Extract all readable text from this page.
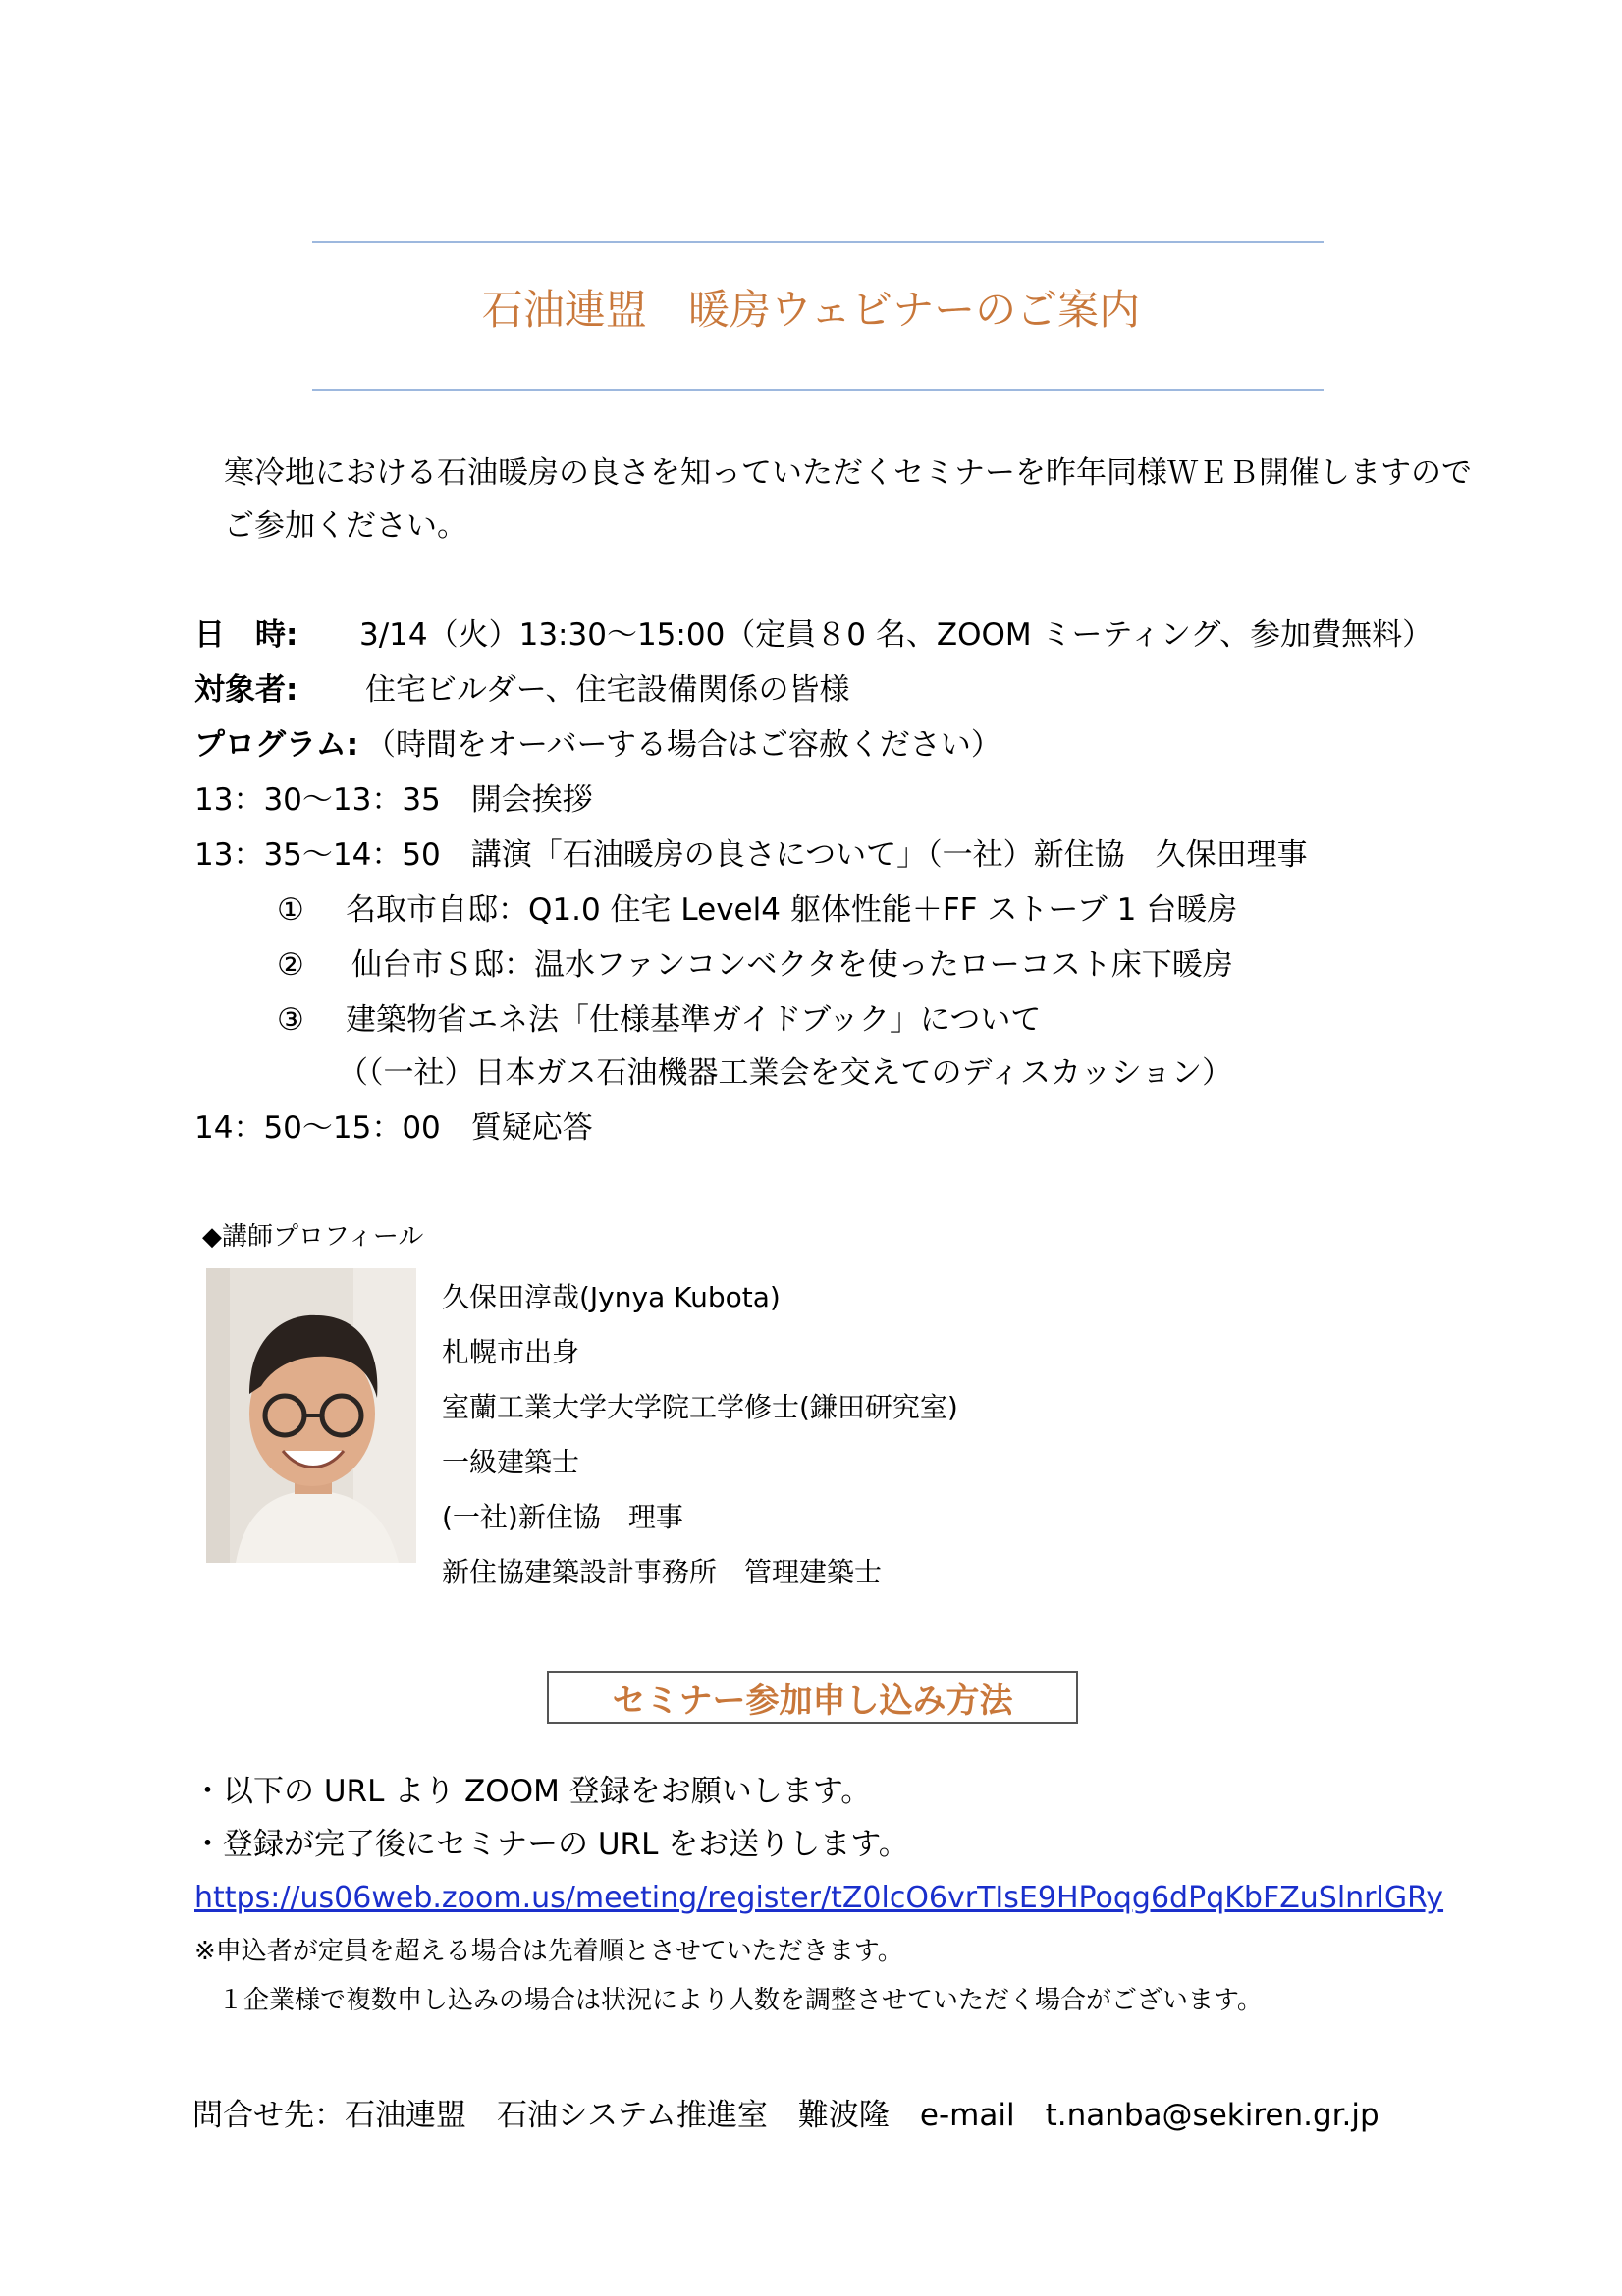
石油連盟　暖房ウェビナーのご案内
寒冷地における石油暖房の良さを知っていただくセミナーを昨年同様ＷＥＢ開催しますので
ご参加ください。
日　時: 3/14（火）13:30～15:00（定員８0 名、ZOOM ミーティング、参加費無料）
対象者: 住宅ビルダー、住宅設備関係の皆様
プログラム: （時間をオーバーする場合はご容赦ください）
13：30～13：35　開会挨拶
13：35～14：50　講演「石油暖房の良さについて」（一社）新住協　久保田理事
① 名取市自邸：Q1.0 住宅 Level4 躯体性能＋FF ストーブ 1 台暖房
② 仙台市Ｓ邸：温水ファンコンベクタを使ったローコスト床下暖房
③ 建築物省エネ法「仕様基準ガイドブック」について
（（一社）日本ガス石油機器工業会を交えてのディスカッション）
14：50～15：00　質疑応答
◆講師プロフィール
久保田淳哉(Jynya Kubota)
札幌市出身
室蘭工業大学大学院工学修士(鎌田研究室)
一級建築士
(一社)新住協　理事
新住協建築設計事務所　管理建築士
セミナー参加申し込み方法
・以下の URL より ZOOM 登録をお願いします。
・登録が完了後にセミナーの URL をお送りします。
https://us06web.zoom.us/meeting/register/tZ0lcO6vrTIsE9HPoqg6dPqKbFZuSlnrlGRy
※申込者が定員を超える場合は先着順とさせていただきます。
１企業様で複数申し込みの場合は状況により人数を調整させていただく場合がございます。
問合せ先：石油連盟　石油システム推進室　難波隆　e-mail　t.nanba@sekiren.gr.jp
